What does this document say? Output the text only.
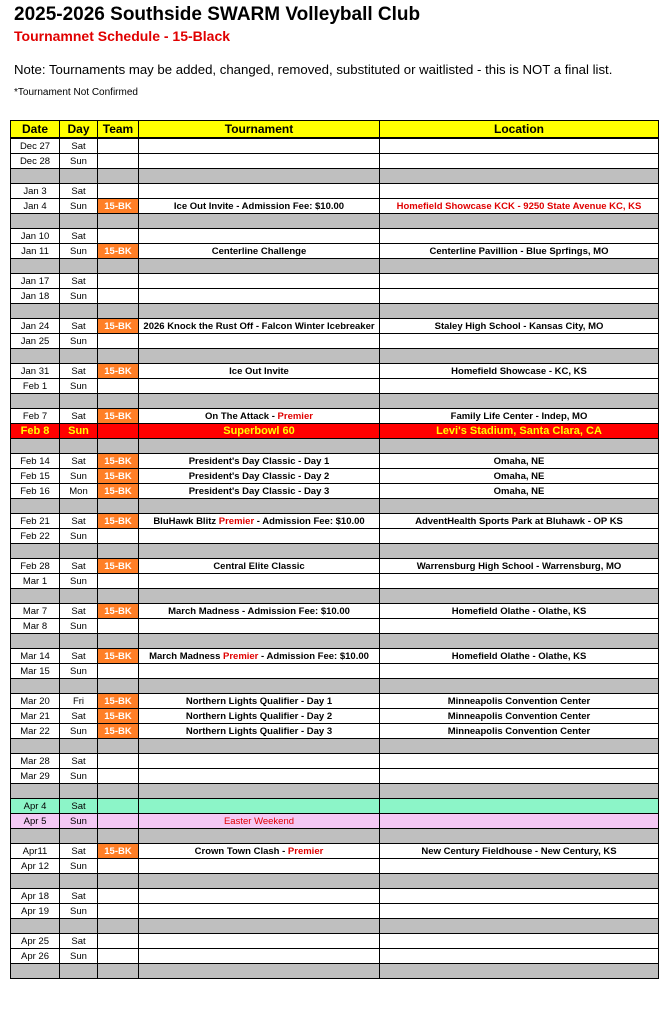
2025-2026 Southside SWARM Volleyball Club
Tournamnet Schedule - 15-Black
Note: Tournaments may be added, changed, removed, substituted or waitlisted - this is NOT a final list.
*Tournament Not Confirmed
Date	Day	Team	Tournament	Location
Dec 27	Sat			
Dec 28	Sun			

Jan 3	Sat			
Jan 4	Sun	15-BK	Ice Out Invite - Admission Fee: $10.00	Homefield Showcase KCK - 9250 State Avenue KC, KS

Jan 10	Sat			
Jan 11	Sun	15-BK	Centerline Challenge	Centerline Pavillion - Blue Sprfings, MO

Jan 17	Sat			
Jan 18	Sun			

Jan 24	Sat	15-BK	2026 Knock the Rust Off - Falcon Winter Icebreaker	Staley High School - Kansas City, MO
Jan 25	Sun			

Jan 31	Sat	15-BK	Ice Out Invite	Homefield Showcase - KC, KS
Feb 1	Sun			

Feb 7	Sat	15-BK	On The Attack - Premier	Family Life Center - Indep, MO
Feb 8	Sun		Superbowl 60	Levi's Stadium, Santa Clara, CA

Feb 14	Sat	15-BK	President's Day Classic - Day 1	Omaha, NE
Feb 15	Sun	15-BK	President's Day Classic - Day 2	Omaha, NE
Feb 16	Mon	15-BK	President's Day Classic - Day 3	Omaha, NE

Feb 21	Sat	15-BK	BluHawk Blitz Premier - Admission Fee: $10.00	AdventHealth Sports Park at Bluhawk - OP KS
Feb 22	Sun			

Feb 28	Sat	15-BK	Central Elite Classic	Warrensburg High School - Warrensburg, MO
Mar 1	Sun			

Mar 7	Sat	15-BK	March Madness - Admission Fee: $10.00	Homefield Olathe - Olathe, KS
Mar 8	Sun			

Mar 14	Sat	15-BK	March Madness Premier - Admission Fee: $10.00	Homefield Olathe - Olathe, KS
Mar 15	Sun			

Mar 20	Fri	15-BK	Northern Lights Qualifier - Day 1	Minneapolis Convention Center
Mar 21	Sat	15-BK	Northern Lights Qualifier - Day 2	Minneapolis Convention Center
Mar 22	Sun	15-BK	Northern Lights Qualifier - Day 3	Minneapolis Convention Center

Mar 28	Sat			
Mar 29	Sun			

Apr 4	Sat			
Apr 5	Sun		Easter Weekend	

Apr11	Sat	15-BK	Crown Town Clash - Premier	New Century Fieldhouse - New Century, KS
Apr 12	Sun			

Apr 18	Sat			
Apr 19	Sun			

Apr 25	Sat			
Apr 26	Sun			
